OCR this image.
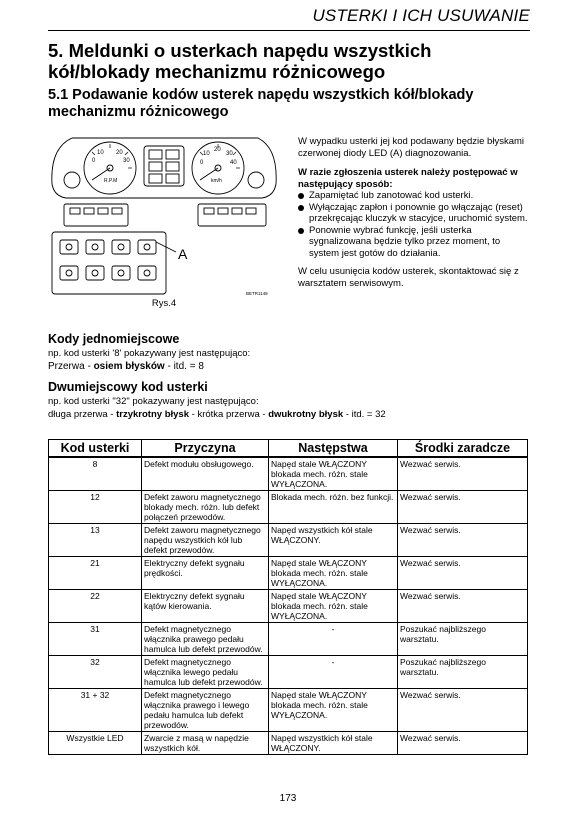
USTERKI I ICH USUWANIE
5. Meldunki o usterkach napędu wszystkich kół/blokady mechanizmu różnicowego
5.1 Podawanie kodów usterek napędu wszystkich kół/blokady mechanizmu różnicowego
0
10 20
30
R.P.M
0
10
20
30
40
km/h
A
BETR1148
Rys.4

W wypadku usterki jej kod podawany będzie błyskami czerwonej diody LED (A) diagnozowania.

W razie zgłoszenia usterek należy postępować w następujący sposób:

Zapamiętać lub zanotować kod usterki.
Wyłączając zapłon i ponownie go włączając (reset) przekręcając kluczyk w stacyjce, uruchomić system.
Ponownie wybrać funkcję, jeśli usterka sygnalizowana będzie tylko przez moment, to system jest gotów do działania.

W celu usunięcia kodów usterek, skontaktować się z warsztatem serwisowym.

Kody jednomiejscowe
np. kod usterki '8' pokazywany jest następująco:
Przerwa - osiem błysków - itd. = 8
Dwumiejscowy kod usterki
np. kod usterki "32" pokazywany jest następująco:
długa przerwa - trzykrotny błysk - krótka przerwa - dwukrotny błysk - itd. = 32
Kod usterki	Przyczyna	Następstwa	Środki zaradcze
8	Defekt modułu obsługowego.	Napęd stale WŁĄCZONY blokada mech. różn. stale WYŁĄCZONA.	Wezwać serwis.
12	Defekt zaworu magnetycznego blokady mech. różn. lub defekt połączeń przewodów.	Blokada mech. różn. bez funkcji.	Wezwać serwis.
13	Defekt zaworu magnetycznego napędu wszystkich kół lub defekt przewodów.	Napęd wszystkich kół stale WŁĄCZONY.	Wezwać serwis.
21	Elektryczny defekt sygnału prędkości.	Napęd stale WŁĄCZONY blokada mech. różn. stale WYŁĄCZONA.	Wezwać serwis.
22	Elektryczny defekt sygnału kątów kierowania.	Napęd stale WŁĄCZONY blokada mech. różn. stale WYŁĄCZONA.	Wezwać serwis.
31	Defekt magnetycznego włącznika prawego pedału hamulca lub defekt przewodów.	-	Poszukać najbliższego warsztatu.
32	Defekt magnetycznego włącznika lewego pedału hamulca lub defekt przewodów.	-	Poszukać najbliższego warsztatu.
31 + 32	Defekt magnetycznego włącznika prawego i lewego pedału hamulca lub defekt przewodów.	Napęd stale WŁĄCZONY blokada mech. różn. stale WYŁĄCZONA.	Wezwać serwis.
Wszystkie LED	Zwarcie z masą w napędzie wszystkich kół.	Napęd wszystkich kół stale WŁĄCZONY.	Wezwać serwis.
173
